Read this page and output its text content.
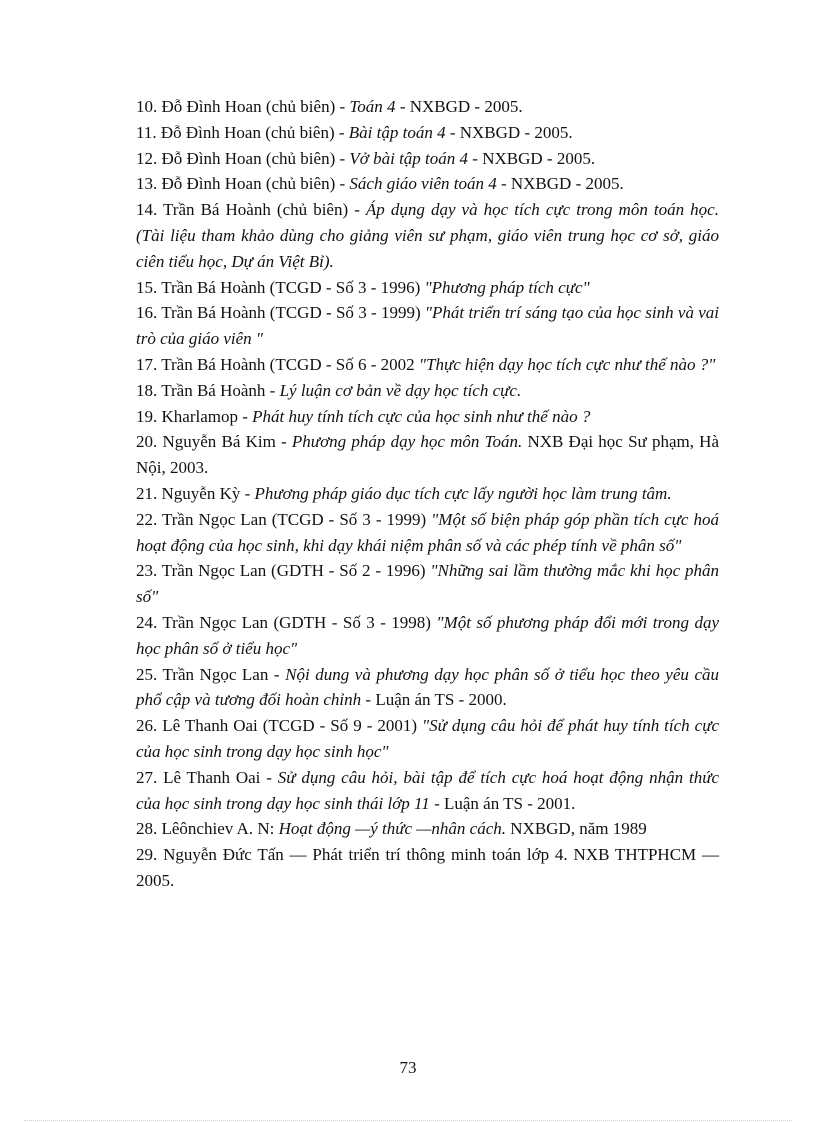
10. Đỗ Đình Hoan (chủ biên) - Toán 4 - NXBGD - 2005.

11. Đỗ Đình Hoan (chủ biên) - Bài tập toán 4 - NXBGD - 2005.

12. Đỗ Đình Hoan (chủ biên) - Vở bài tập toán 4 - NXBGD - 2005.

13. Đỗ Đình Hoan (chủ biên) - Sách giáo viên toán 4 - NXBGD - 2005.

14. Trần Bá Hoành (chủ biên) - Áp dụng dạy và học tích cực trong môn toán học. (Tài liệu tham khảo dùng cho giảng viên sư phạm, giáo viên trung học cơ sở, giáo ciên tiểu học, Dự án Việt Bỉ).

15. Trần Bá Hoành (TCGD - Số 3 - 1996) "Phương pháp tích cực"

16. Trần Bá Hoành (TCGD - Số 3 - 1999) "Phát triển trí sáng tạo của học sinh và vai trò của giáo viên "

17. Trần Bá Hoành (TCGD - Số 6 - 2002 "Thực hiện dạy học tích cực như thế nào ?"

18. Trần Bá Hoành - Lý luận cơ bản về dạy học tích cực.

19. Kharlamop - Phát huy tính tích cực của học sinh như thế nào ?

20. Nguyễn Bá Kim - Phương pháp dạy học môn Toán. NXB Đại học Sư phạm, Hà Nội, 2003.

21. Nguyễn Kỳ - Phương pháp giáo dục tích cực lấy người học làm trung tâm.

22. Trần Ngọc Lan (TCGD - Số 3 - 1999) "Một số biện pháp góp phần tích cực hoá hoạt động của học sinh, khi dạy khái niệm phân số và các phép tính về phân số"

23. Trần Ngọc Lan (GDTH - Số 2 - 1996) "Những sai lầm thường mắc khi học phân số"

24. Trần Ngọc Lan (GDTH - Số 3 - 1998) "Một số phương pháp đổi mới trong dạy học phân số ở tiểu học"

25. Trần Ngọc Lan - Nội dung và phương dạy học phân số ở tiểu học theo yêu cầu phổ cập và tương đối hoàn chỉnh - Luận án TS - 2000.

26. Lê Thanh Oai (TCGD - Số 9 - 2001) "Sử dụng câu hỏi để phát huy tính tích cực của học sinh trong dạy học sinh học"

27. Lê Thanh Oai - Sử dụng câu hỏi, bài tập để tích cực hoá hoạt động nhận thức của học sinh trong dạy học sinh thái lớp 11 - Luận án TS - 2001.

28. Lêônchiev A. N: Hoạt động —ý thức —nhân cách. NXBGD, năm 1989

29. Nguyễn Đức Tấn — Phát triển trí thông minh toán lớp 4. NXB THTPHCM — 2005.

73
